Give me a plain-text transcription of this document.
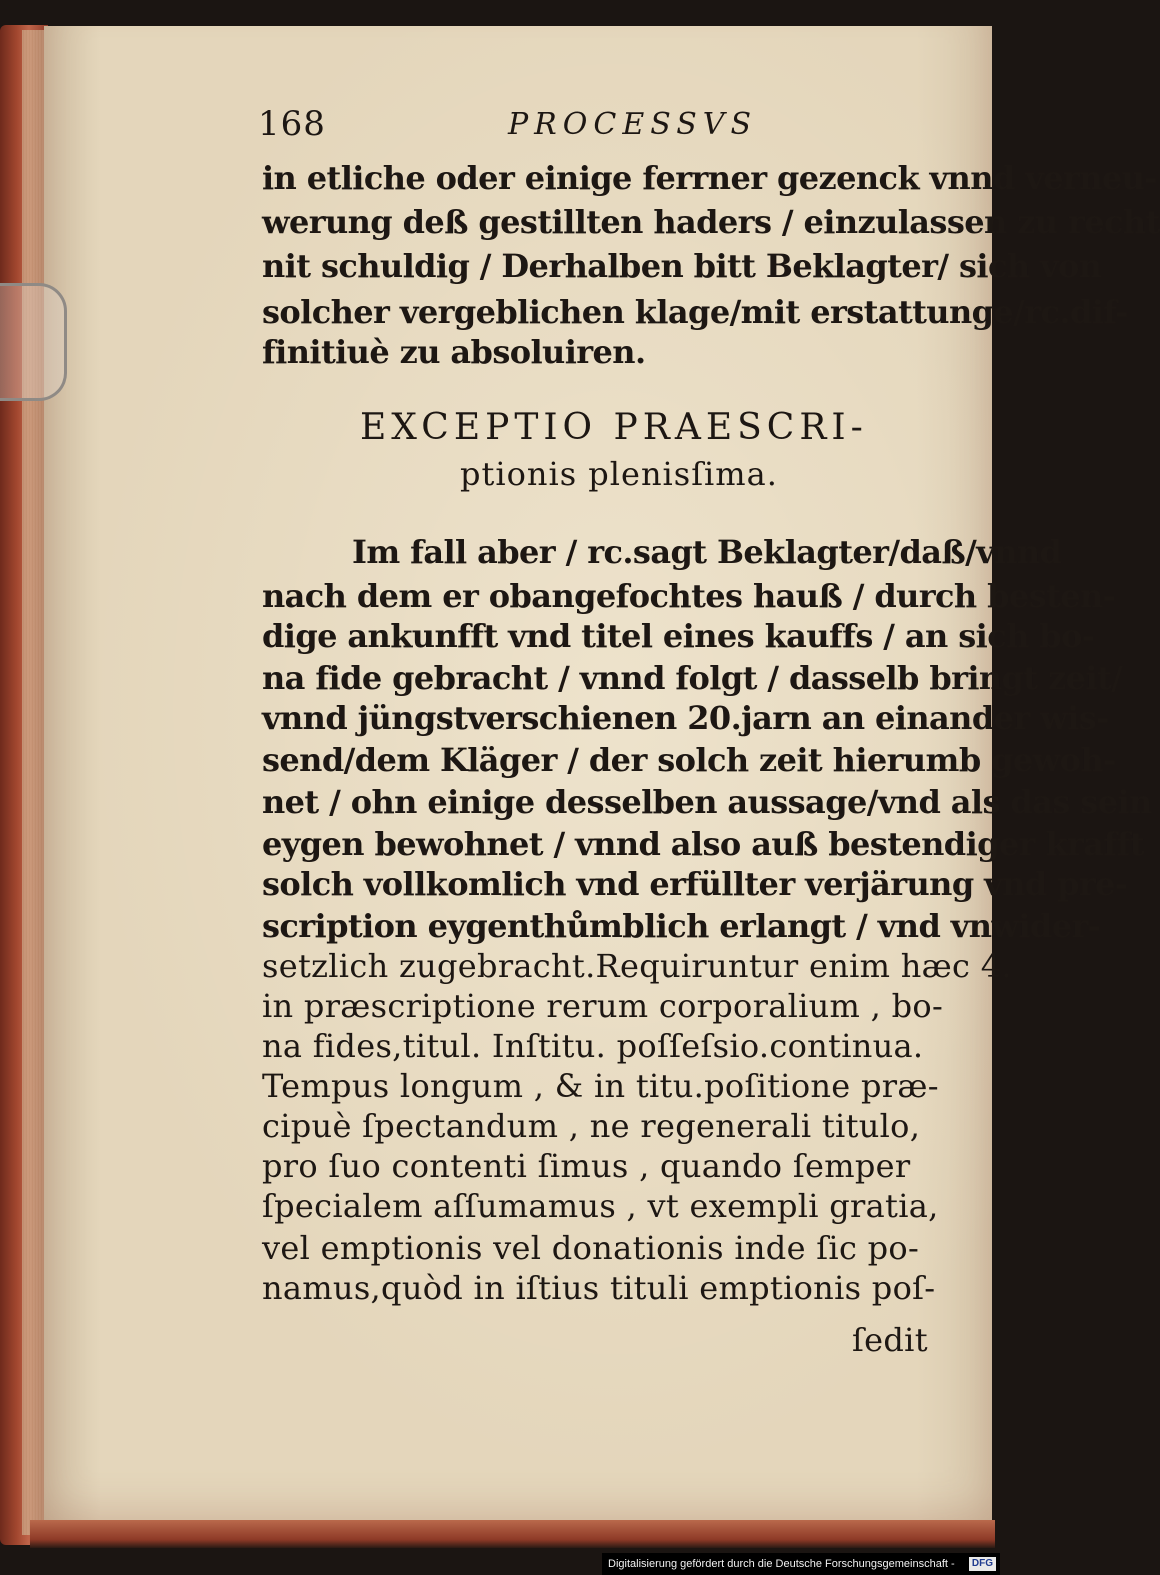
168	PROCESSVS
in etliche oder einige ferrner gezenck vnnd verneu-
werung deß gestillten haders / einzulassen zu recht
nit schuldig / Derhalben bitt Beklagter/ sich von
solcher vergeblichen klage/mit erstattunge/rc.dif-
finitiuè zu absoluiren.
EXCEPTIO PRAESCRI-
ptionis plenisſima.
Im fall aber / rc.sagt Beklagter/daß/vnnd
nach dem er obangefochtes hauß / durch besten-
dige ankunfft vnd titel eines kauffs / an sich bo-
na fide gebracht / vnnd folgt / dasselb bringt zeit/
vnnd jüngstverschienen 20.jarn an einander wis-
send/dem Kläger / der solch zeit hierumb gewoh-
net / ohn einige desselben aussage/vnd als das sein
eygen bewohnet / vnnd also auß bestendiger krafft
solch vollkomlich vnd erfüllter verjärung vnd pre-
scription eygenthůmblich erlangt / vnd vnwider-
setzlich zugebracht.Requiruntur enim hæc 4.
in præscriptione rerum corporalium , bo-
na fides,titul. Inſtitu. poſſeſsio.continua.
Tempus longum , & in titu.poſitione præ-
cipuè ſpectandum , ne regenerali titulo,
pro ſuo contenti ſimus , quando ſemper
ſpecialem aſſumamus , vt exempli gratia,
vel emptionis vel donationis inde ſic po-
namus,quòd in iſtius tituli emptionis poſ-
ſedit
Digitalisierung gefördert durch die Deutsche Forschungsgemeinschaft -	DFG
